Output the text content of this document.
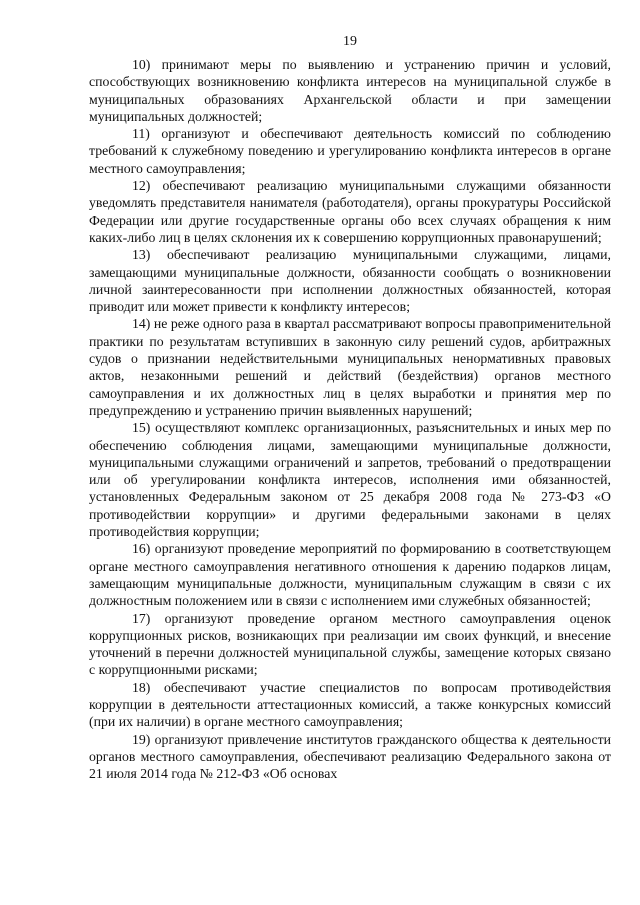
19

10) принимают меры по выявлению и устранению причин и условий, способствующих возникновению конфликта интересов на муниципальной службе в муниципальных образованиях Архангельской области и при замещении муниципальных должностей;

11) организуют и обеспечивают деятельность комиссий по соблюдению требований к служебному поведению и урегулированию конфликта интересов в органе местного самоуправления;

12) обеспечивают реализацию муниципальными служащими обязанности уведомлять представителя нанимателя (работодателя), органы прокуратуры Российской Федерации или другие государственные органы обо всех случаях обращения к ним каких-либо лиц в целях склонения их к совершению коррупционных правонарушений;

13) обеспечивают реализацию муниципальными служащими, лицами, замещающими муниципальные должности, обязанности сообщать о возникновении личной заинтересованности при исполнении должностных обязанностей, которая приводит или может привести к конфликту интересов;

14) не реже одного раза в квартал рассматривают вопросы правоприменительной практики по результатам вступивших в законную силу решений судов, арбитражных судов о признании недействительными муниципальных ненормативных правовых актов, незаконными решений и действий (бездействия) органов местного самоуправления и их должностных лиц в целях выработки и принятия мер по предупреждению и устранению причин выявленных нарушений;

15) осуществляют комплекс организационных, разъяснительных и иных мер по обеспечению соблюдения лицами, замещающими муниципальные должности, муниципальными служащими ограничений и запретов, требований о предотвращении или об урегулировании конфликта интересов, исполнения ими обязанностей, установленных Федеральным законом от 25 декабря 2008 года № 273-ФЗ «О противодействии коррупции» и другими федеральными законами в целях противодействия коррупции;

16) организуют проведение мероприятий по формированию в соответствующем органе местного самоуправления негативного отношения к дарению подарков лицам, замещающим муниципальные должности, муниципальным служащим в связи с их должностным положением или в связи с исполнением ими служебных обязанностей;

17) организуют проведение органом местного самоуправления оценок коррупционных рисков, возникающих при реализации им своих функций, и внесение уточнений в перечни должностей муниципальной службы, замещение которых связано с коррупционными рисками;

18) обеспечивают участие специалистов по вопросам противодействия коррупции в деятельности аттестационных комиссий, а также конкурсных комиссий (при их наличии) в органе местного самоуправления;

19) организуют привлечение институтов гражданского общества к деятельности органов местного самоуправления, обеспечивают реализацию Федерального закона от 21 июля 2014 года № 212-ФЗ «Об основах
